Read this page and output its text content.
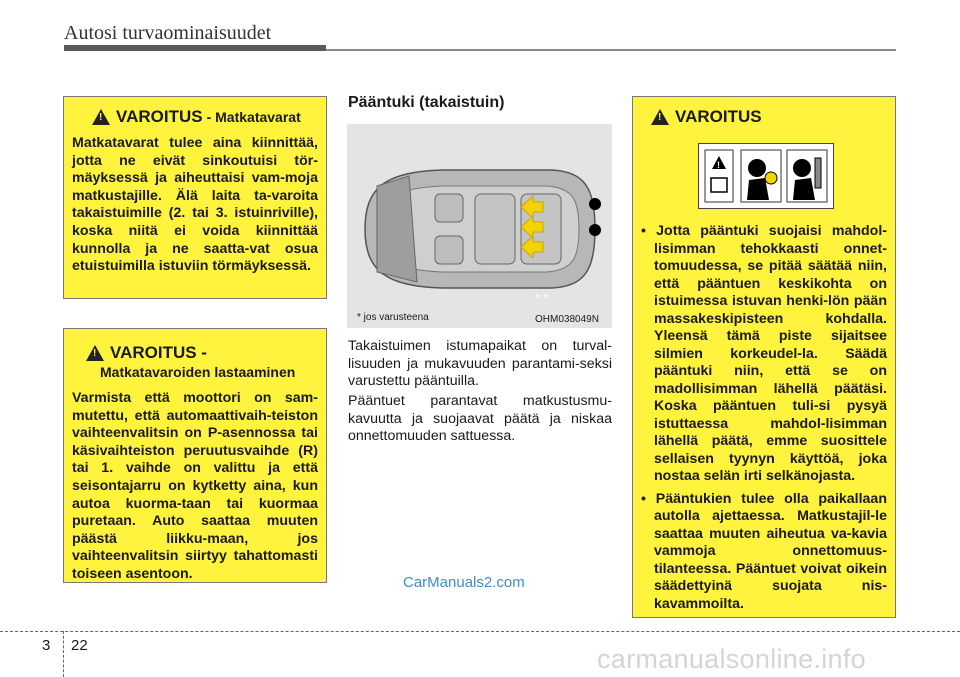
Autosi turvaominaisuudet
!
VAROITUS - Matkatavarat
Matkatavarat tulee aina kiinnittää, jotta ne eivät sinkoutuisi tör-mäyksessä ja aiheuttaisi vam-moja matkustajille. Älä laita ta-varoita takaistuimille (2. tai 3. istuinriville), koska niitä ei voida kiinnittää kunnolla ja ne saatta-vat osua etuistuimilla istuviin törmäyksessä.
!
VAROITUS -
Matkatavaroiden lastaaminen
Varmista että moottori on sam-mutettu, että automaattivaih-teiston vaihteenvalitsin on P-asennossa tai käsivaihteiston peruutusvaihde (R) tai 1. vaihde on valittu ja että seisontajarru on kytketty aina, kun autoa kuorma-taan tai kuormaa puretaan. Auto saattaa muuten päästä liikku-maan, jos vaihteenvalitsin siirtyy tahattomasti toiseen asentoon.
Pääntuki (takaistuin)
* *
* jos varusteena	OHM038049N

Takaistuimen istumapaikat on turval-lisuuden ja mukavuuden parantami-seksi varustettu pääntuilla.

Pääntuet parantavat matkustusmu-kavuutta ja suojaavat päätä ja niskaa onnettomuuden sattuessa.

!
VAROITUS
!
• Jotta pääntuki suojaisi mahdol-lisimman tehokkaasti onnet-tomuudessa, se pitää säätää niin, että pääntuen keskikohta on istuimessa istuvan henki-lön pään massakeskipisteen kohdalla. Yleensä tämä piste sijaitsee silmien korkeudel-la. Säädä pääntuki niin, että se on madollisimman lähellä päätäsi. Koska pääntuen tuli-si pysyä istuttaessa mahdol-lisimman lähellä päätä, emme suosittele sellaisen tyynyn käyttöä, joka nostaa selän irti selkänojasta.
• Pääntukien tulee olla paikallaan autolla ajettaessa. Matkustajil-le saattaa muuten aiheutua va-kavia vammoja onnettomuus-tilanteessa. Pääntuet voivat oikein säädettyinä suojata nis-kavammoilta.
CarManuals2.com
3 22	carmanualsonline.info
